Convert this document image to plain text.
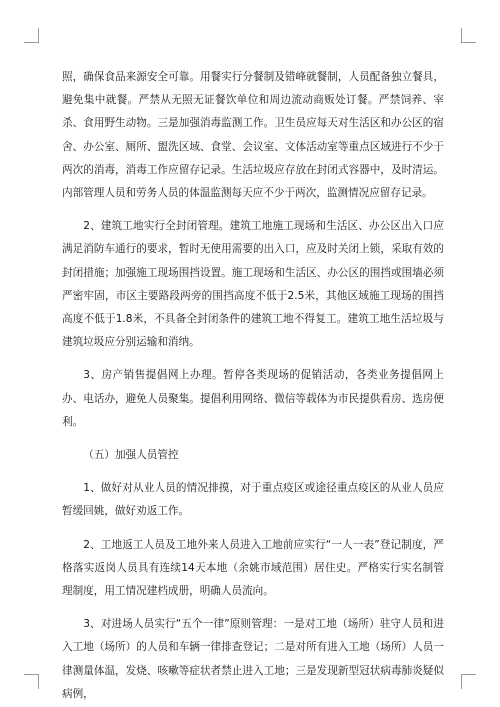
照，确保食品来源安全可靠。用餐实行分餐制及错峰就餐制，人员配备独立餐具，避免集中就餐。严禁从无照无证餐饮单位和周边流动商贩处订餐。严禁饲养、宰杀、食用野生动物。三是加强消毒监测工作。卫生员应每天对生活区和办公区的宿舍、办公室、厕所、盥洗区域、食堂、会议室、文体活动室等重点区域进行不少于两次的消毒，消毒工作应留存记录。生活垃圾应存放在封闭式容器中，及时清运。内部管理人员和劳务人员的体温监测每天应不少于两次，监测情况应留存记录。

2、建筑工地实行全封闭管理。建筑工地施工现场和生活区、办公区出入口应满足消防车通行的要求，暂时无使用需要的出入口，应及时关闭上锁，采取有效的封闭措施；加强施工现场围挡设置。施工现场和生活区、办公区的围挡或围墙必须严密牢固，市区主要路段两旁的围挡高度不低于2.5米，其他区域施工现场的围挡高度不低于1.8米，不具备全封闭条件的建筑工地不得复工。建筑工地生活垃圾与建筑垃圾应分别运输和消纳。

3、房产销售提倡网上办理。暂停各类现场的促销活动，各类业务提倡网上办、电话办，避免人员聚集。提倡利用网络、微信等载体为市民提供看房、选房便利。

（五）加强人员管控

1、做好对从业人员的情况排摸，对于重点疫区或途径重点疫区的从业人员应暂缓回姚，做好劝返工作。

2、工地返工人员及工地外来人员进入工地前应实行“一人一表”登记制度，严格落实返岗人员具有连续14天本地（余姚市域范围）居住史。严格实行实名制管理制度，用工情况建档成册，明确人员流向。

3、对进场人员实行“五个一律”原则管理：一是对工地（场所）驻守人员和进入工地（场所）的人员和车辆一律排查登记；二是对所有进入工地（场所）人员一律测量体温，发烧、咳嗽等症状者禁止进入工地；三是发现新型冠状病毒肺炎疑似病例，
